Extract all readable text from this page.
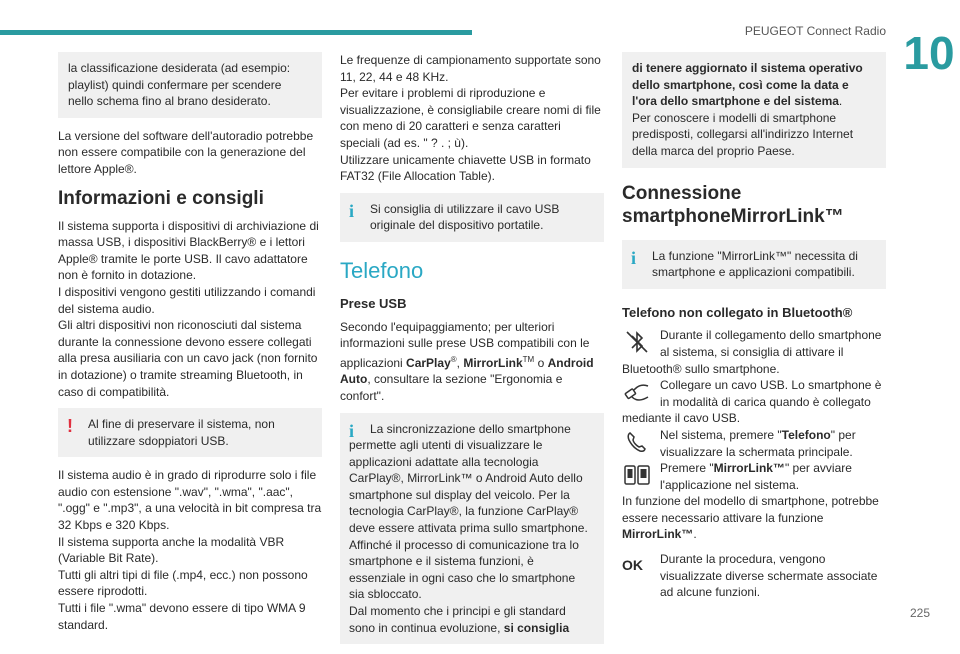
PEUGEOT Connect Radio 10
225
la classificazione desiderata (ad esempio: playlist) quindi confermare per scendere nello schema fino al brano desiderato.

La versione del software dell'autoradio potrebbe non essere compatibile con la generazione del lettore Apple®.

Informazioni e consigli

Il sistema supporta i dispositivi di archiviazione di massa USB, i dispositivi BlackBerry® e i lettori Apple® tramite le porte USB. Il cavo adattatore non è fornito in dotazione.

I dispositivi vengono gestiti utilizzando i comandi del sistema audio.

Gli altri dispositivi non riconosciuti dal sistema durante la connessione devono essere collegati alla presa ausiliaria con un cavo jack (non fornito in dotazione) o tramite streaming Bluetooth, in caso di compatibilità.

! Al fine di preservare il sistema, non utilizzare sdoppiatori USB.

Il sistema audio è in grado di riprodurre solo i file audio con estensione ".wav", ".wma", ".aac", ".ogg" e ".mp3", a una velocità in bit compresa tra 32 Kbps e 320 Kbps.

Il sistema supporta anche la modalità VBR (Variable Bit Rate).

Tutti gli altri tipi di file (.mp4, ecc.) non possono essere riprodotti.

Tutti i file ".wma" devono essere di tipo WMA 9 standard.

Le frequenze di campionamento supportate sono 11, 22, 44 e 48 KHz.

Per evitare i problemi di riproduzione e visualizzazione, è consigliabile creare nomi di file con meno di 20 caratteri e senza caratteri speciali (ad es. " ? . ; ù).

Utilizzare unicamente chiavette USB in formato FAT32 (File Allocation Table).

i Si consiglia di utilizzare il cavo USB originale del dispositivo portatile.
Telefono
Prese USB

Secondo l'equipaggiamento; per ulteriori informazioni sulle prese USB compatibili con le applicazioni CarPlay®, MirrorLink™ o Android Auto, consultare la sezione "Ergonomia e confort".

i	La sincronizzazione dello smartphone permette agli utenti di visualizzare le applicazioni adattate alla tecnologia CarPlay®, MirrorLink™ o Android Auto dello smartphone sul display del veicolo. Per la tecnologia CarPlay®, la funzione CarPlay® deve essere attivata prima sullo smartphone.
Affinché il processo di comunicazione tra lo smartphone e il sistema funzioni, è essenziale in ogni caso che lo smartphone sia sbloccato.
Dal momento che i principi e gli standard sono in continua evoluzione, si consiglia
di tenere aggiornato il sistema operativo dello smartphone, così come la data e l'ora dello smartphone e del sistema.
Per conoscere i modelli di smartphone predisposti, collegarsi all'indirizzo Internet della marca del proprio Paese.
Connessione smartphoneMirrorLink™
i La funzione "MirrorLink™" necessita di smartphone e applicazioni compatibili.
Telefono non collegato in Bluetooth®
Durante il collegamento dello smartphone al sistema, si consiglia di attivare il Bluetooth® sullo smartphone.
Collegare un cavo USB. Lo smartphone è in modalità di carica quando è collegato mediante il cavo USB.
Nel sistema, premere "Telefono" per visualizzare la schermata principale.
Premere "MirrorLink™" per avviare l'applicazione nel sistema.

In funzione del modello di smartphone, potrebbe essere necessario attivare la funzione MirrorLink™.

OK	Durante la procedura, vengono visualizzate diverse schermate associate ad alcune funzioni.
